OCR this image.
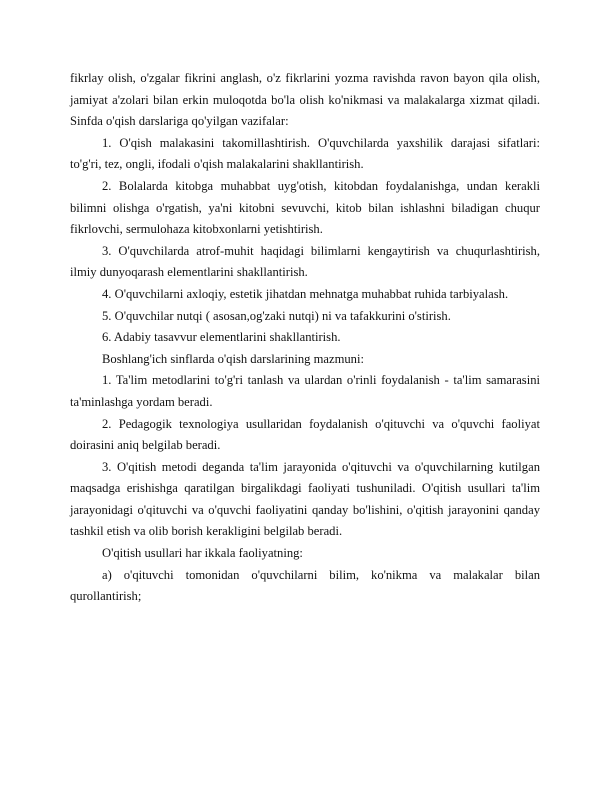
fikrlay olish, o'zgalar fikrini anglash, o'z fikrlarini yozma ravishda ravon bayon qila olish, jamiyat a'zolari bilan erkin muloqotda bo'la olish ko'nikmasi va malakalarga xizmat qiladi. Sinfda o'qish darslariga qo'yilgan vazifalar:

1. O'qish malakasini takomillashtirish. O'quvchilarda yaxshilik darajasi sifatlari: to'g'ri, tez, ongli, ifodali o'qish malakalarini shakllantirish.

2. Bolalarda kitobga muhabbat uyg'otish, kitobdan foydalanishga, undan kerakli bilimni olishga o'rgatish, ya'ni kitobni sevuvchi, kitob bilan ishlashni biladigan chuqur fikrlovchi, sermulohaza kitobxonlarni yetishtirish.

3. O'quvchilarda atrof-muhit haqidagi bilimlarni kengaytirish va chuqurlashtirish, ilmiy dunyoqarash elementlarini shakllantirish.

4. O'quvchilarni axloqiy, estetik jihatdan mehnatga muhabbat ruhida tarbiyalash.

5. O'quvchilar nutqi ( asosan,og'zaki nutqi) ni va tafakkurini o'stirish.

6. Adabiy tasavvur elementlarini shakllantirish.

Boshlang'ich sinflarda o'qish darslarining mazmuni:

1. Ta'lim metodlarini to'g'ri tanlash va ulardan o'rinli foydalanish - ta'lim samarasini ta'minlashga yordam beradi.

2. Pedagogik texnologiya usullaridan foydalanish o'qituvchi va o'quvchi faoliyat doirasini aniq belgilab beradi.

3. O'qitish metodi deganda ta'lim jarayonida o'qituvchi va o'quvchilarning kutilgan maqsadga erishishga qaratilgan birgalikdagi faoliyati tushuniladi. O'qitish usullari ta'lim jarayonidagi o'qituvchi va o'quvchi faoliyatini qanday bo'lishini, o'qitish jarayonini qanday tashkil etish va olib borish kerakligini belgilab beradi.

O'qitish usullari har ikkala faoliyatning:

a) o'qituvchi tomonidan o'quvchilarni bilim, ko'nikma va malakalar bilan qurollantirish;
